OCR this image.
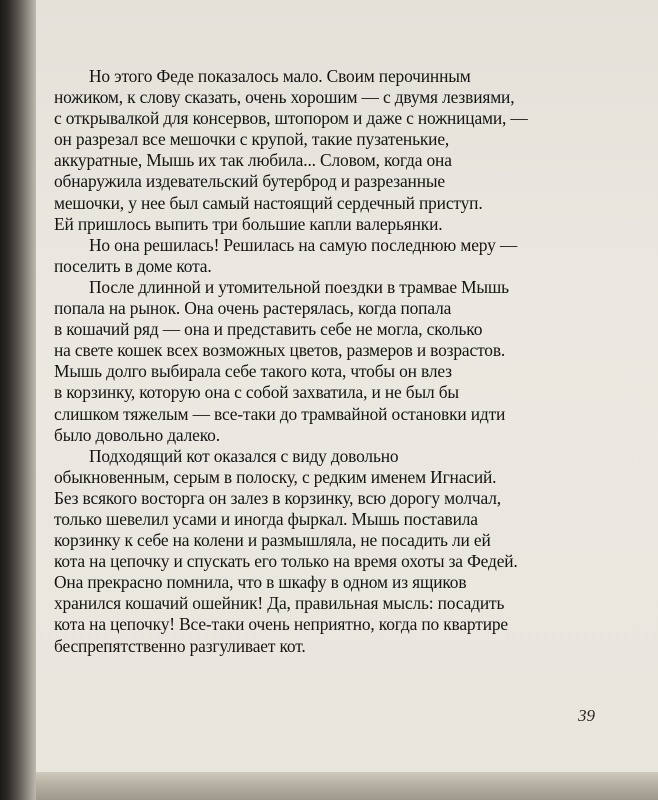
Но этого Феде показалось мало. Своим перочинным
ножиком, к слову сказать, очень хорошим — с двумя лезвиями,
с открывалкой для консервов, штопором и даже с ножницами, —
он разрезал все мешочки с крупой, такие пузатенькие,
аккуратные, Мышь их так любила... Словом, когда она
обнаружила издевательский бутерброд и разрезанные
мешочки, у нее был самый настоящий сердечный приступ.
Ей пришлось выпить три большие капли валерьянки.
Но она решилась! Решилась на самую последнюю меру —
поселить в доме кота.
После длинной и утомительной поездки в трамвае Мышь
попала на рынок. Она очень растерялась, когда попала
в кошачий ряд — она и представить себе не могла, сколько
на свете кошек всех возможных цветов, размеров и возрастов.
Мышь долго выбирала себе такого кота, чтобы он влез
в корзинку, которую она с собой захватила, и не был бы
слишком тяжелым — все-таки до трамвайной остановки идти
было довольно далеко.
Подходящий кот оказался с виду довольно
обыкновенным, серым в полоску, с редким именем Игнасий.
Без всякого восторга он залез в корзинку, всю дорогу молчал,
только шевелил усами и иногда фыркал. Мышь поставила
корзинку к себе на колени и размышляла, не посадить ли ей
кота на цепочку и спускать его только на время охоты за Федей.
Она прекрасно помнила, что в шкафу в одном из ящиков
хранился кошачий ошейник! Да, правильная мысль: посадить
кота на цепочку! Все-таки очень неприятно, когда по квартире
беспрепятственно разгуливает кот.
39
